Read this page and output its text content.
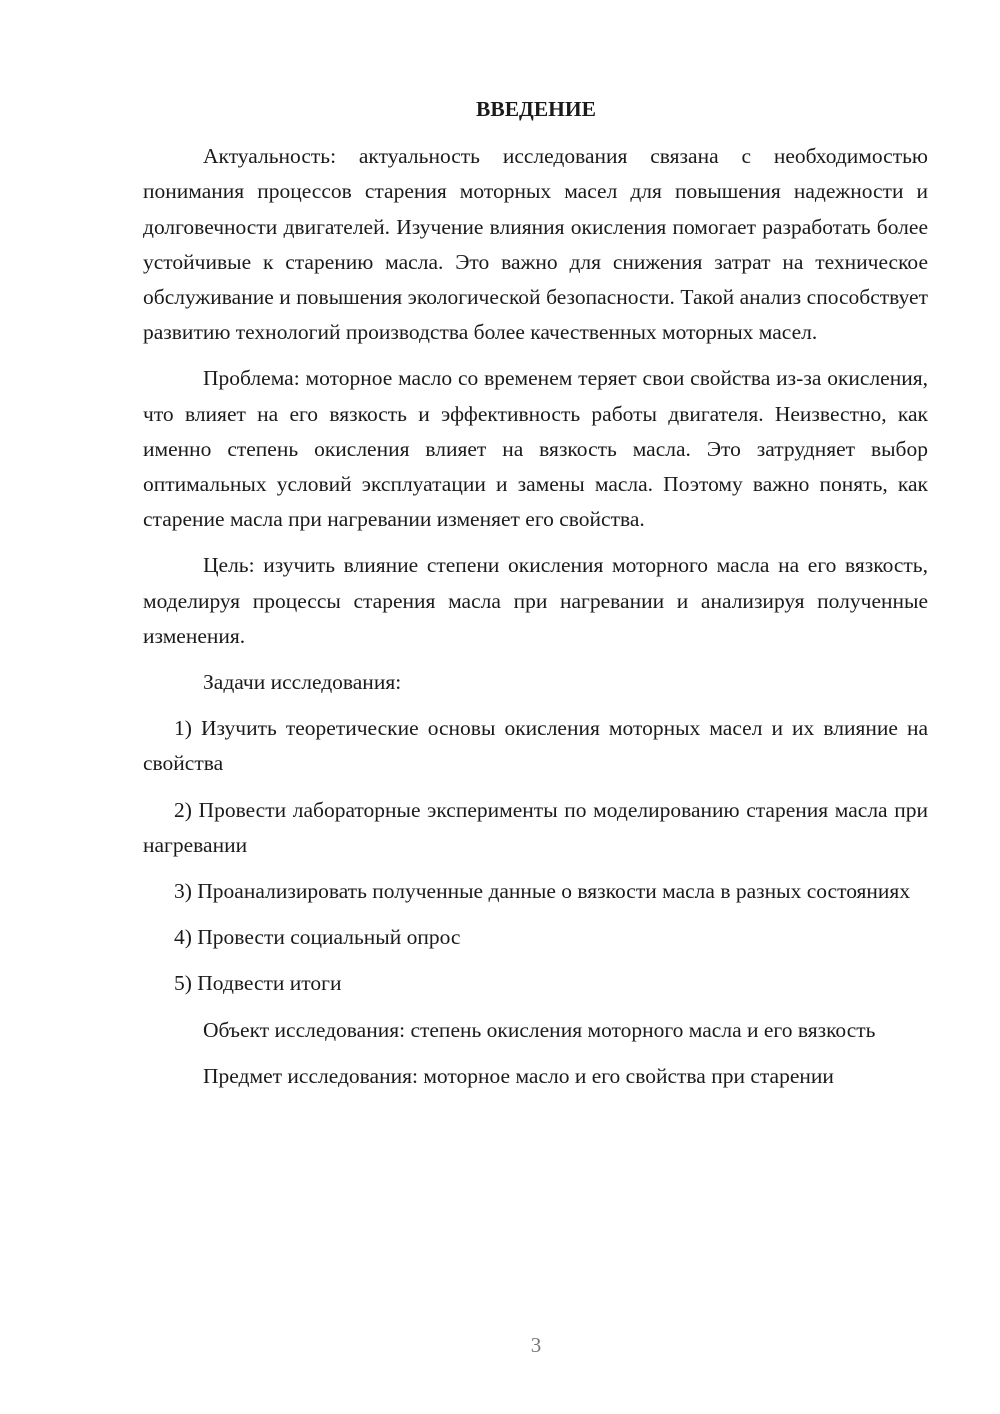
ВВЕДЕНИЕ

Актуальность: актуальность исследования связана с необходимостью понимания процессов старения моторных масел для повышения надежности и долговечности двигателей. Изучение влияния окисления помогает разработать более устойчивые к старению масла. Это важно для снижения затрат на техническое обслуживание и повышения экологической безопасности. Такой анализ способствует развитию технологий производства более качественных моторных масел.

Проблема: моторное масло со временем теряет свои свойства из-за окисления, что влияет на его вязкость и эффективность работы двигателя. Неизвестно, как именно степень окисления влияет на вязкость масла. Это затрудняет выбор оптимальных условий эксплуатации и замены масла. Поэтому важно понять, как старение масла при нагревании изменяет его свойства.

Цель: изучить влияние степени окисления моторного масла на его вязкость, моделируя процессы старения масла при нагревании и анализируя полученные изменения.

Задачи исследования:

1) Изучить теоретические основы окисления моторных масел и их влияние на свойства

2) Провести лабораторные эксперименты по моделированию старения масла при нагревании

3) Проанализировать полученные данные о вязкости масла в разных состояниях

4) Провести социальный опрос

5) Подвести итоги

Объект исследования: степень окисления моторного масла и его вязкость

Предмет исследования: моторное масло и его свойства при старении

3
